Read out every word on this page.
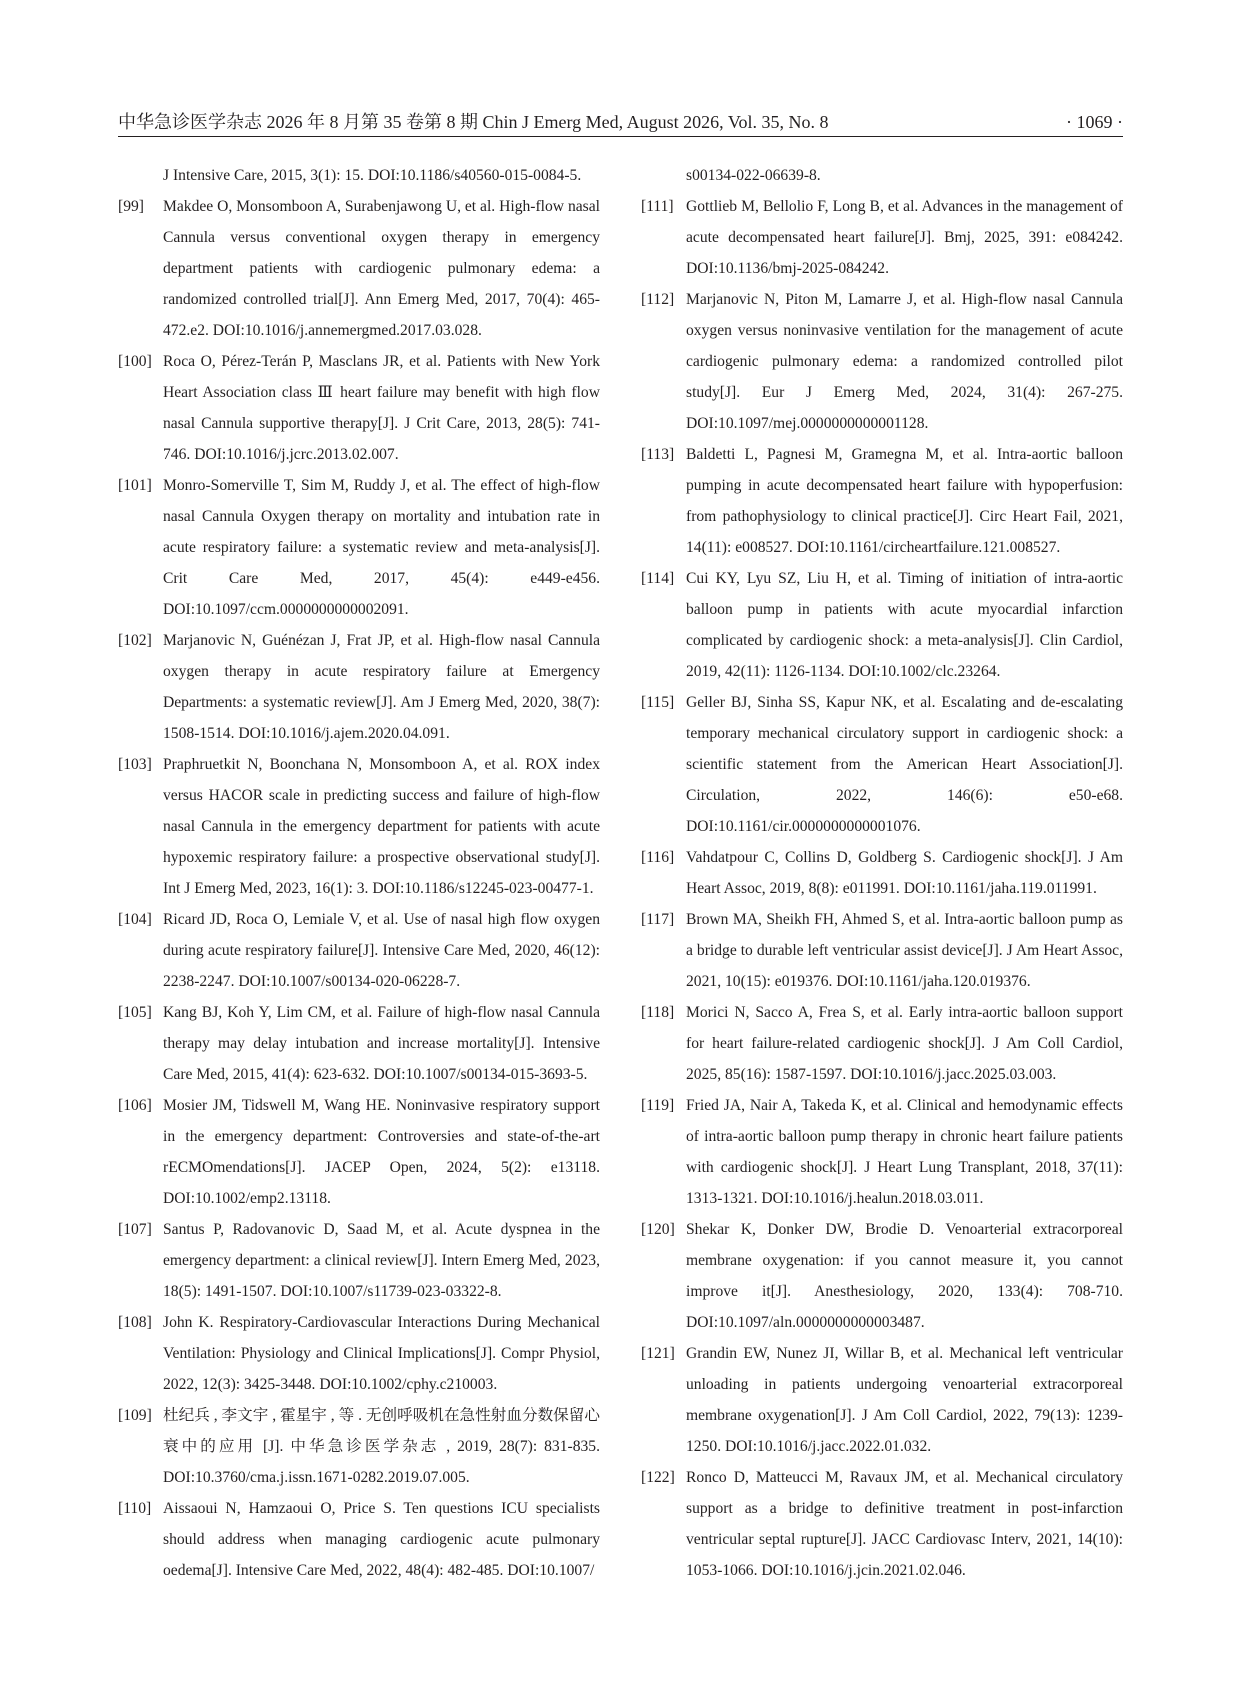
中华急诊医学杂志 2026 年 8 月第 35 卷第 8 期 Chin J Emerg Med, August 2026, Vol. 35, No. 8	· 1069 ·

J Intensive Care, 2015, 3(1): 15. DOI:10.1186/s40560-015-0084-5.

[99] Makdee O, Monsomboon A, Surabenjawong U, et al. High-flow nasal Cannula versus conventional oxygen therapy in emergency department patients with cardiogenic pulmonary edema: a randomized controlled trial[J]. Ann Emerg Med, 2017, 70(4): 465-472.e2. DOI:10.1016/j.annemergmed.2017.03.028.

[100] Roca O, Pérez-Terán P, Masclans JR, et al. Patients with New York Heart Association class Ⅲ heart failure may benefit with high flow nasal Cannula supportive therapy[J]. J Crit Care, 2013, 28(5): 741-746. DOI:10.1016/j.jcrc.2013.02.007.

[101] Monro-Somerville T, Sim M, Ruddy J, et al. The effect of high-flow nasal Cannula Oxygen therapy on mortality and intubation rate in acute respiratory failure: a systematic review and meta-analysis[J]. Crit Care Med, 2017, 45(4): e449-e456. DOI:10.1097/ccm.0000000000002091.

[102] Marjanovic N, Guénézan J, Frat JP, et al. High-flow nasal Cannula oxygen therapy in acute respiratory failure at Emergency Departments: a systematic review[J]. Am J Emerg Med, 2020, 38(7): 1508-1514. DOI:10.1016/j.ajem.2020.04.091.

[103] Praphruetkit N, Boonchana N, Monsomboon A, et al. ROX index versus HACOR scale in predicting success and failure of high-flow nasal Cannula in the emergency department for patients with acute hypoxemic respiratory failure: a prospective observational study[J]. Int J Emerg Med, 2023, 16(1): 3. DOI:10.1186/s12245-023-00477-1.

[104] Ricard JD, Roca O, Lemiale V, et al. Use of nasal high flow oxygen during acute respiratory failure[J]. Intensive Care Med, 2020, 46(12): 2238-2247. DOI:10.1007/s00134-020-06228-7.

[105] Kang BJ, Koh Y, Lim CM, et al. Failure of high-flow nasal Cannula therapy may delay intubation and increase mortality[J]. Intensive Care Med, 2015, 41(4): 623-632. DOI:10.1007/s00134-015-3693-5.

[106] Mosier JM, Tidswell M, Wang HE. Noninvasive respiratory support in the emergency department: Controversies and state-of-the-art rECMOmendations[J]. JACEP Open, 2024, 5(2): e13118. DOI:10.1002/emp2.13118.

[107] Santus P, Radovanovic D, Saad M, et al. Acute dyspnea in the emergency department: a clinical review[J]. Intern Emerg Med, 2023, 18(5): 1491-1507. DOI:10.1007/s11739-023-03322-8.

[108] John K. Respiratory-Cardiovascular Interactions During Mechanical Ventilation: Physiology and Clinical Implications[J]. Compr Physiol, 2022, 12(3): 3425-3448. DOI:10.1002/cphy.c210003.

[109] 杜纪兵 , 李文宇 , 霍星宇 , 等 . 无创呼吸机在急性射血分数保留心衰中的应用 [J]. 中华急诊医学杂志 , 2019, 28(7): 831-835. DOI:10.3760/cma.j.issn.1671-0282.2019.07.005.

[110] Aissaoui N, Hamzaoui O, Price S. Ten questions ICU specialists should address when managing cardiogenic acute pulmonary oedema[J]. Intensive Care Med, 2022, 48(4): 482-485. DOI:10.1007/

s00134-022-06639-8.

[111] Gottlieb M, Bellolio F, Long B, et al. Advances in the management of acute decompensated heart failure[J]. Bmj, 2025, 391: e084242. DOI:10.1136/bmj-2025-084242.

[112] Marjanovic N, Piton M, Lamarre J, et al. High-flow nasal Cannula oxygen versus noninvasive ventilation for the management of acute cardiogenic pulmonary edema: a randomized controlled pilot study[J]. Eur J Emerg Med, 2024, 31(4): 267-275. DOI:10.1097/mej.0000000000001128.

[113] Baldetti L, Pagnesi M, Gramegna M, et al. Intra-aortic balloon pumping in acute decompensated heart failure with hypoperfusion: from pathophysiology to clinical practice[J]. Circ Heart Fail, 2021, 14(11): e008527. DOI:10.1161/circheartfailure.121.008527.

[114] Cui KY, Lyu SZ, Liu H, et al. Timing of initiation of intra-aortic balloon pump in patients with acute myocardial infarction complicated by cardiogenic shock: a meta-analysis[J]. Clin Cardiol, 2019, 42(11): 1126-1134. DOI:10.1002/clc.23264.

[115] Geller BJ, Sinha SS, Kapur NK, et al. Escalating and de-escalating temporary mechanical circulatory support in cardiogenic shock: a scientific statement from the American Heart Association[J]. Circulation, 2022, 146(6): e50-e68. DOI:10.1161/cir.0000000000001076.

[116] Vahdatpour C, Collins D, Goldberg S. Cardiogenic shock[J]. J Am Heart Assoc, 2019, 8(8): e011991. DOI:10.1161/jaha.119.011991.

[117] Brown MA, Sheikh FH, Ahmed S, et al. Intra-aortic balloon pump as a bridge to durable left ventricular assist device[J]. J Am Heart Assoc, 2021, 10(15): e019376. DOI:10.1161/jaha.120.019376.

[118] Morici N, Sacco A, Frea S, et al. Early intra-aortic balloon support for heart failure-related cardiogenic shock[J]. J Am Coll Cardiol, 2025, 85(16): 1587-1597. DOI:10.1016/j.jacc.2025.03.003.

[119] Fried JA, Nair A, Takeda K, et al. Clinical and hemodynamic effects of intra-aortic balloon pump therapy in chronic heart failure patients with cardiogenic shock[J]. J Heart Lung Transplant, 2018, 37(11): 1313-1321. DOI:10.1016/j.healun.2018.03.011.

[120] Shekar K, Donker DW, Brodie D. Venoarterial extracorporeal membrane oxygenation: if you cannot measure it, you cannot improve it[J]. Anesthesiology, 2020, 133(4): 708-710. DOI:10.1097/aln.0000000000003487.

[121] Grandin EW, Nunez JI, Willar B, et al. Mechanical left ventricular unloading in patients undergoing venoarterial extracorporeal membrane oxygenation[J]. J Am Coll Cardiol, 2022, 79(13): 1239-1250. DOI:10.1016/j.jacc.2022.01.032.

[122] Ronco D, Matteucci M, Ravaux JM, et al. Mechanical circulatory support as a bridge to definitive treatment in post-infarction ventricular septal rupture[J]. JACC Cardiovasc Interv, 2021, 14(10): 1053-1066. DOI:10.1016/j.jcin.2021.02.046.
